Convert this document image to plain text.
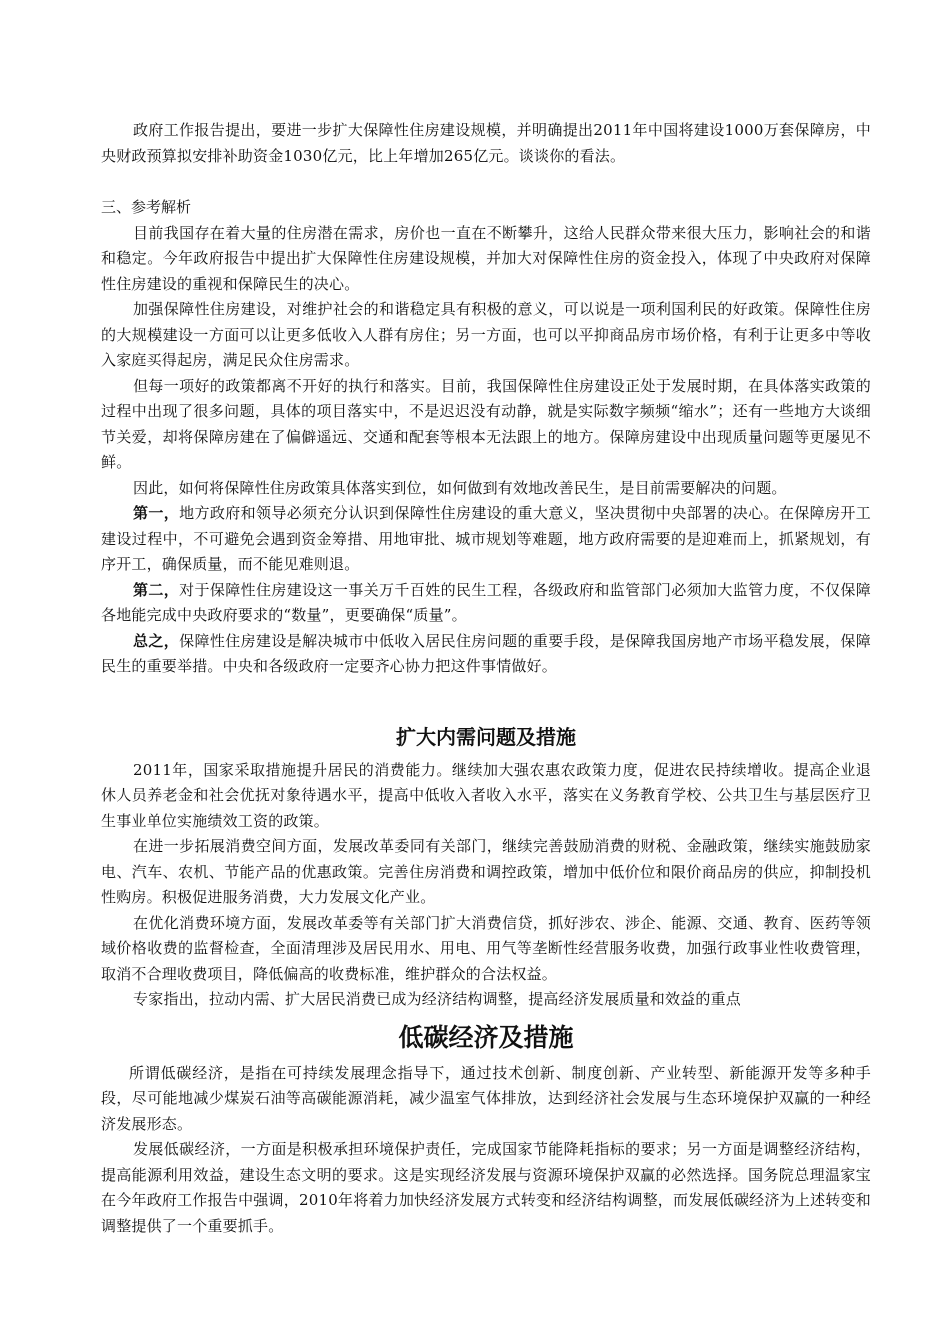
政府工作报告提出，要进一步扩大保障性住房建设规模，并明确提出2011年中国将建设1000万套保障房，中央财政预算拟安排补助资金1030亿元，比上年增加265亿元。谈谈你的看法。

三、参考解析

目前我国存在着大量的住房潜在需求，房价也一直在不断攀升，这给人民群众带来很大压力，影响社会的和谐和稳定。今年政府报告中提出扩大保障性住房建设规模，并加大对保障性住房的资金投入，体现了中央政府对保障性住房建设的重视和保障民生的决心。

加强保障性住房建设，对维护社会的和谐稳定具有积极的意义，可以说是一项利国利民的好政策。保障性住房的大规模建设一方面可以让更多低收入人群有房住；另一方面，也可以平抑商品房市场价格，有利于让更多中等收入家庭买得起房，满足民众住房需求。

但每一项好的政策都离不开好的执行和落实。目前，我国保障性住房建设正处于发展时期，在具体落实政策的过程中出现了很多问题，具体的项目落实中，不是迟迟没有动静，就是实际数字频频“缩水”；还有一些地方大谈细节关爱，却将保障房建在了偏僻遥远、交通和配套等根本无法跟上的地方。保障房建设中出现质量问题等更屡见不鲜。

因此，如何将保障性住房政策具体落实到位，如何做到有效地改善民生，是目前需要解决的问题。

第一，地方政府和领导必须充分认识到保障性住房建设的重大意义，坚决贯彻中央部署的决心。在保障房开工建设过程中，不可避免会遇到资金筹措、用地审批、城市规划等难题，地方政府需要的是迎难而上，抓紧规划，有序开工，确保质量，而不能见难则退。

第二，对于保障性住房建设这一事关万千百姓的民生工程，各级政府和监管部门必须加大监管力度，不仅保障各地能完成中央政府要求的“数量”，更要确保“质量”。

总之，保障性住房建设是解决城市中低收入居民住房问题的重要手段，是保障我国房地产市场平稳发展，保障民生的重要举措。中央和各级政府一定要齐心协力把这件事情做好。

扩大内需问题及措施

2011年，国家采取措施提升居民的消费能力。继续加大强农惠农政策力度，促进农民持续增收。提高企业退休人员养老金和社会优抚对象待遇水平，提高中低收入者收入水平，落实在义务教育学校、公共卫生与基层医疗卫生事业单位实施绩效工资的政策。

在进一步拓展消费空间方面，发展改革委同有关部门，继续完善鼓励消费的财税、金融政策，继续实施鼓励家电、汽车、农机、节能产品的优惠政策。完善住房消费和调控政策，增加中低价位和限价商品房的供应，抑制投机性购房。积极促进服务消费，大力发展文化产业。

在优化消费环境方面，发展改革委等有关部门扩大消费信贷，抓好涉农、涉企、能源、交通、教育、医药等领域价格收费的监督检查，全面清理涉及居民用水、用电、用气等垄断性经营服务收费，加强行政事业性收费管理，取消不合理收费项目，降低偏高的收费标准，维护群众的合法权益。

专家指出，拉动内需、扩大居民消费已成为经济结构调整，提高经济发展质量和效益的重点

低碳经济及措施

所谓低碳经济，是指在可持续发展理念指导下，通过技术创新、制度创新、产业转型、新能源开发等多种手段，尽可能地减少煤炭石油等高碳能源消耗，减少温室气体排放，达到经济社会发展与生态环境保护双赢的一种经济发展形态。

发展低碳经济，一方面是积极承担环境保护责任，完成国家节能降耗指标的要求；另一方面是调整经济结构，提高能源利用效益，建设生态文明的要求。这是实现经济发展与资源环境保护双赢的必然选择。国务院总理温家宝在今年政府工作报告中强调，2010年将着力加快经济发展方式转变和经济结构调整，而发展低碳经济为上述转变和调整提供了一个重要抓手。
